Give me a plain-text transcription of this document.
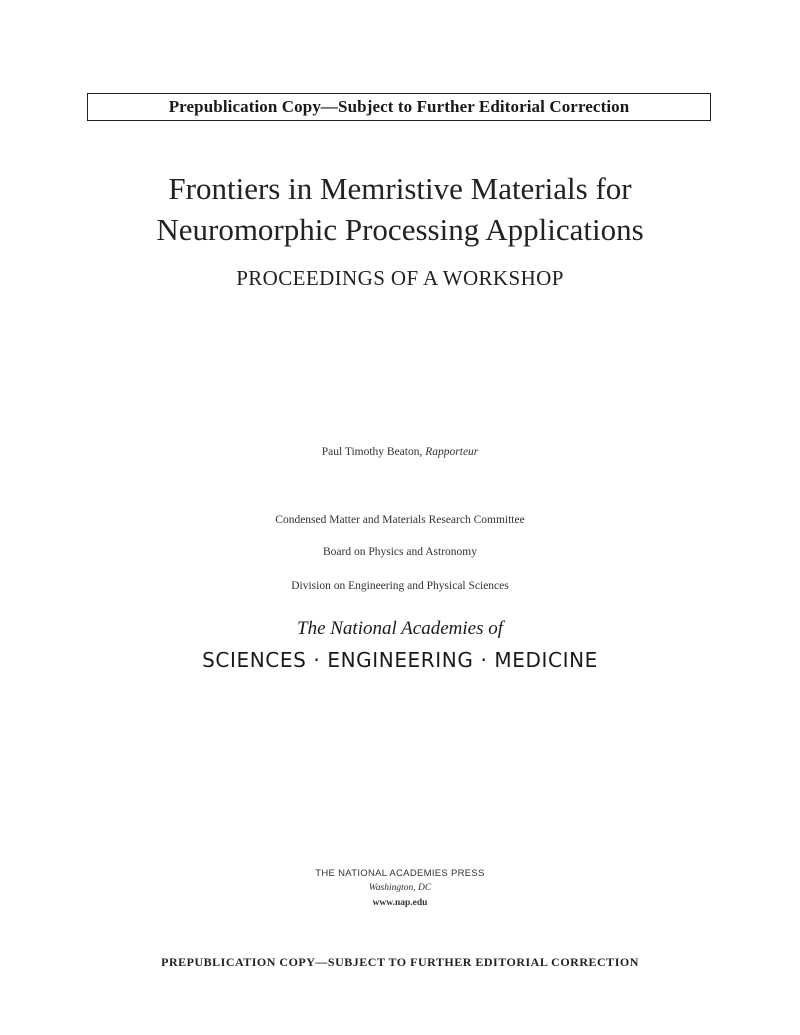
Prepublication Copy—Subject to Further Editorial Correction
Frontiers in Memristive Materials for
Neuromorphic Processing Applications
PROCEEDINGS OF A WORKSHOP
Paul Timothy Beaton, Rapporteur
Condensed Matter and Materials Research Committee
Board on Physics and Astronomy
Division on Engineering and Physical Sciences
The National Academies of
SCIENCES · ENGINEERING · MEDICINE
THE NATIONAL ACADEMIES PRESS
Washington, DC
www.nap.edu
PREPUBLICATION COPY—SUBJECT TO FURTHER EDITORIAL CORRECTION
